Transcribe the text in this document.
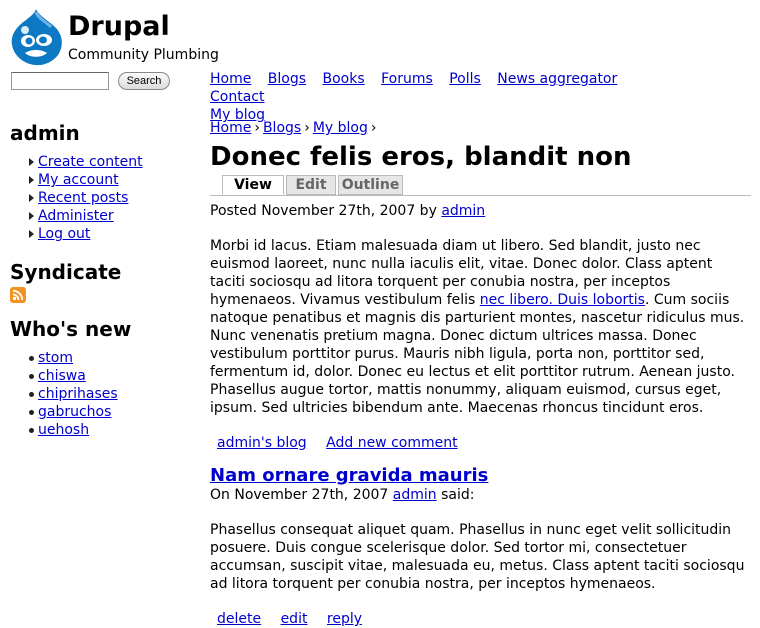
Drupal
Community Plumbing
Search	Home Blogs Books Forums Polls News aggregator Contact
My blog
admin
Create content
My account
Recent posts
Administer
Log out
Syndicate
Who's new
stom
chiswa
chiprihases
gabruchos
uehosh
Home › Blogs › My blog ›
Donec felis eros, blandit non
View	Edit	Outline
Posted November 27th, 2007 by admin
Morbi id lacus. Etiam malesuada diam ut libero. Sed blandit, justo nec euismod laoreet, nunc nulla iaculis elit, vitae. Donec dolor. Class aptent taciti sociosqu ad litora torquent per conubia nostra, per inceptos hymenaeos. Vivamus vestibulum felis nec libero. Duis lobortis. Cum sociis natoque penatibus et magnis dis parturient montes, nascetur ridiculus mus. Nunc venenatis pretium magna. Donec dictum ultrices massa. Donec vestibulum porttitor purus. Mauris nibh ligula, porta non, porttitor sed, fermentum id, dolor. Donec eu lectus et elit porttitor rutrum. Aenean justo. Phasellus augue tortor, mattis nonummy, aliquam euismod, cursus eget, ipsum. Sed ultricies bibendum ante. Maecenas rhoncus tincidunt eros.
admin's blog Add new comment
Nam ornare gravida mauris
On November 27th, 2007 admin said:
Phasellus consequat aliquet quam. Phasellus in nunc eget velit sollicitudin posuere. Duis congue scelerisque dolor. Sed tortor mi, consectetuer accumsan, suscipit vitae, malesuada eu, metus. Class aptent taciti sociosqu ad litora torquent per conubia nostra, per inceptos hymenaeos.
delete edit reply
